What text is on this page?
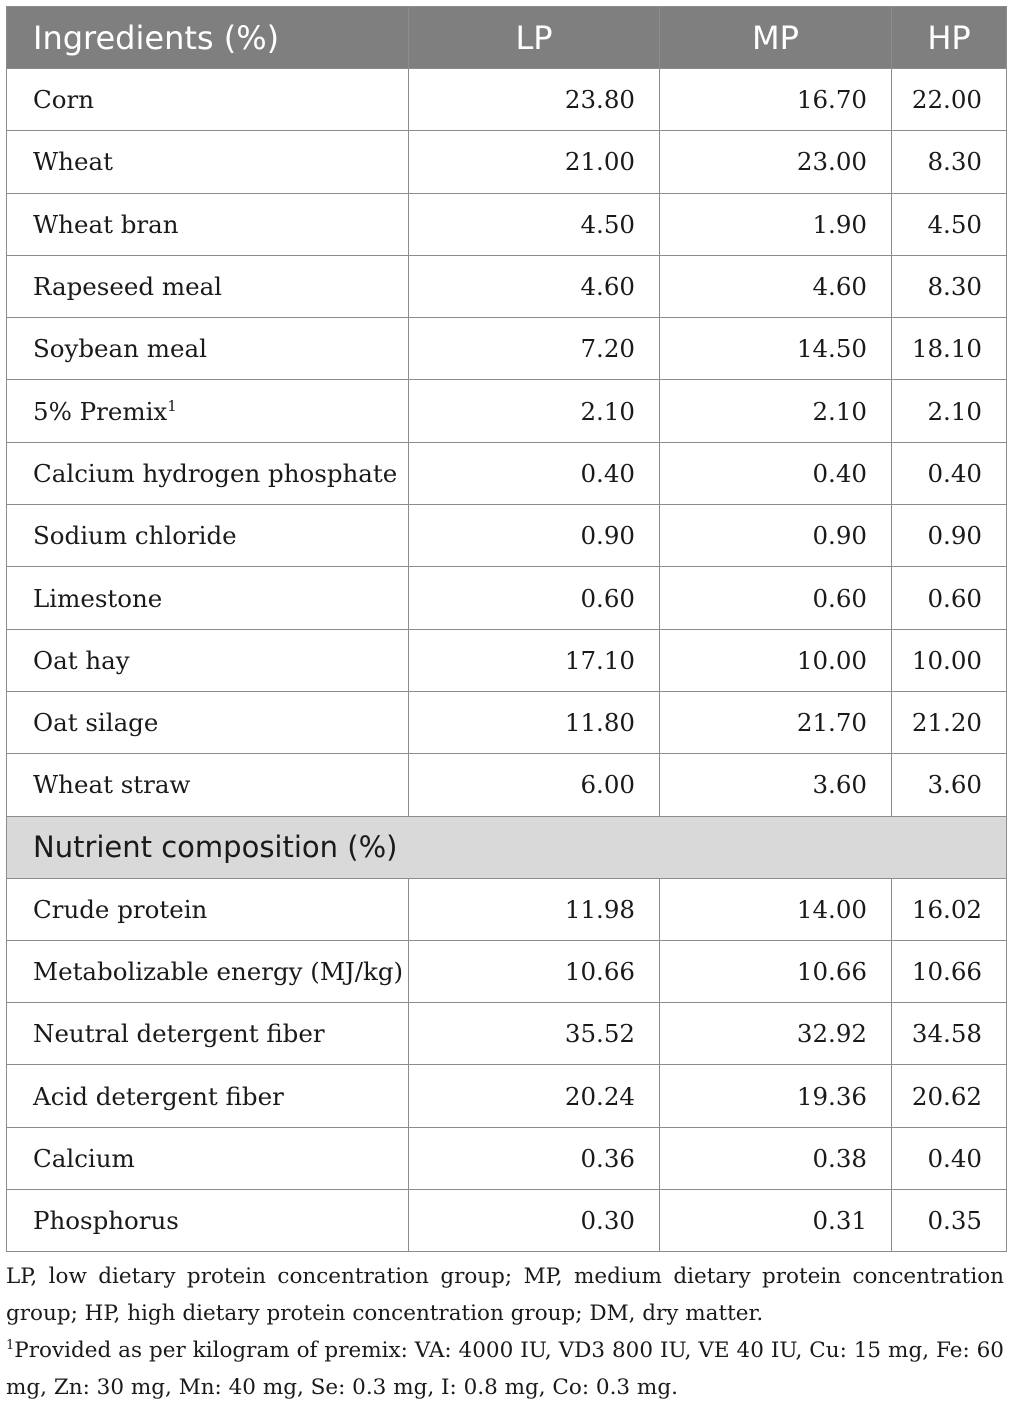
Ingredients (%)	LP	MP	HP
Corn	23.80	16.70	22.00
Wheat	21.00	23.00	8.30
Wheat bran	4.50	1.90	4.50
Rapeseed meal	4.60	4.60	8.30
Soybean meal	7.20	14.50	18.10
5% Premix$^1$	2.10	2.10	2.10
Calcium hydrogen phosphate	0.40	0.40	0.40
Sodium chloride	0.90	0.90	0.90
Limestone	0.60	0.60	0.60
Oat hay	17.10	10.00	10.00
Oat silage	11.80	21.70	21.20
Wheat straw	6.00	3.60	3.60
Nutrient composition (%)			
Crude protein	11.98	14.00	16.02
Metabolizable energy (MJ/kg)	10.66	10.66	10.66
Neutral detergent fiber	35.52	32.92	34.58
Acid detergent fiber	20.24	19.36	20.62
Calcium	0.36	0.38	0.40
Phosphorus	0.30	0.31	0.35

LP, low dietary protein concentration group; MP, medium dietary protein concentration group; HP, high dietary protein concentration group; DM, dry matter.

$^1$Provided as per kilogram of premix: VA: 4000 IU, VD3 800 IU, VE 40 IU, Cu: 15 mg, Fe: 60 mg, Zn: 30 mg, Mn: 40 mg, Se: 0.3 mg, I: 0.8 mg, Co: 0.3 mg.
